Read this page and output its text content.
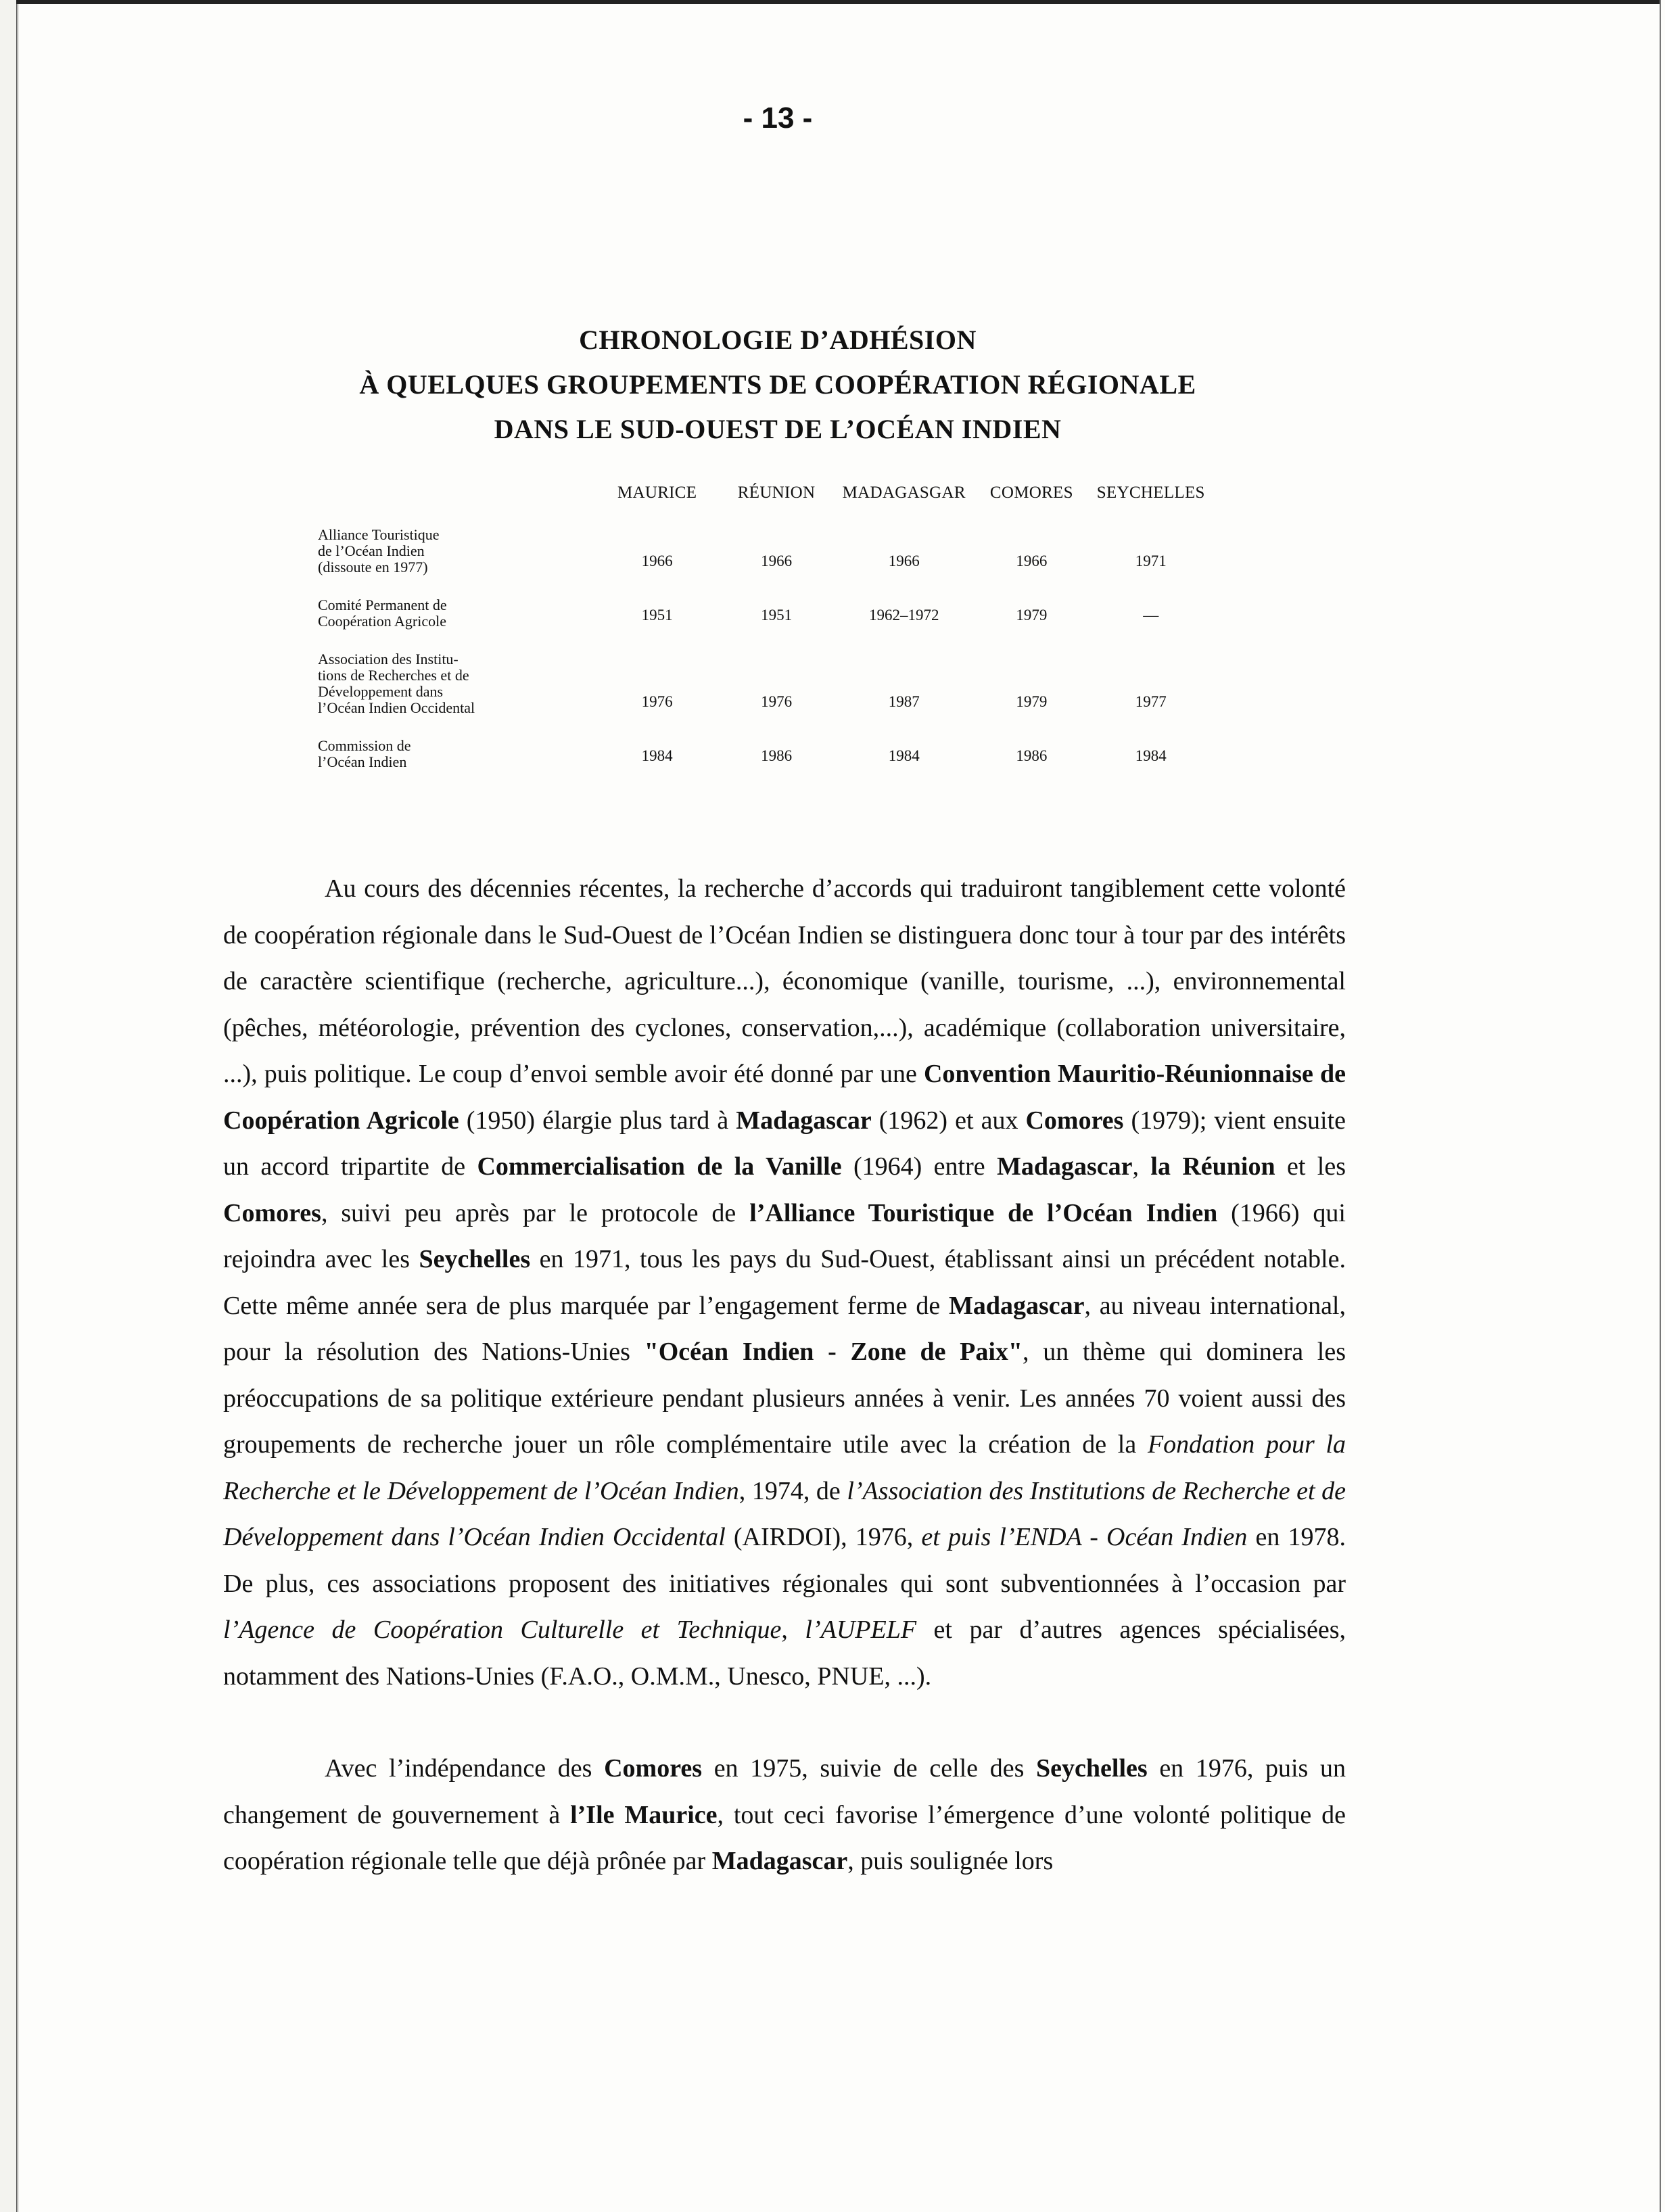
- 13 -
CHRONOLOGIE D’ADHÉSION
À QUELQUES GROUPEMENTS DE COOPÉRATION RÉGIONALE
DANS LE SUD-OUEST DE L’OCÉAN INDIEN
	MAURICE	RÉUNION	MADAGASGAR	COMORES	SEYCHELLES

Alliance Touristique
de l’Océan Indien
(dissoute en 1977)	1966	1966	1966	1966	1971

Comité Permanent de
Coopération Agricole	1951	1951	1962–1972	1979	—

Association des Institu-
tions de Recherches et de
Développement dans
l’Océan Indien Occidental	1976	1976	1987	1979	1977

Commission de
l’Océan Indien	1984	1986	1984	1986	1984

Au cours des décennies récentes, la recherche d’accords qui traduiront tangiblement cette volonté de coopération régionale dans le Sud-Ouest de l’Océan Indien se distinguera donc tour à tour par des intérêts de caractère scientifique (recherche, agriculture...), économique (vanille, tourisme, ...), environnemental (pêches, météorologie, prévention des cyclones, conservation,...), académique (collaboration universitaire, ...), puis politique. Le coup d’envoi semble avoir été donné par une Convention Mauritio-Réunionnaise de Coopération Agricole (1950) élargie plus tard à Madagascar (1962) et aux Comores (1979); vient ensuite un accord tripartite de Commercialisation de la Vanille (1964) entre Madagascar, la Réunion et les Comores, suivi peu après par le protocole de l’Alliance Touristique de l’Océan Indien (1966) qui rejoindra avec les Seychelles en 1971, tous les pays du Sud-Ouest, établissant ainsi un précédent notable. Cette même année sera de plus marquée par l’engagement ferme de Madagascar, au niveau international, pour la résolution des Nations-Unies "Océan Indien - Zone de Paix", un thème qui dominera les préoccupations de sa politique extérieure pendant plusieurs années à venir. Les années 70 voient aussi des groupements de recherche jouer un rôle complémentaire utile avec la création de la Fondation pour la Recherche et le Développement de l’Océan Indien, 1974, de l’Association des Institutions de Recherche et de Développement dans l’Océan Indien Occidental (AIRDOI), 1976, et puis l’ENDA - Océan Indien en 1978. De plus, ces associations proposent des initiatives régionales qui sont subventionnées à l’occasion par l’Agence de Coopération Culturelle et Technique, l’AUPELF et par d’autres agences spécialisées, notamment des Nations-Unies (F.A.O., O.M.M., Unesco, PNUE, ...).

Avec l’indépendance des Comores en 1975, suivie de celle des Seychelles en 1976, puis un changement de gouvernement à l’Ile Maurice, tout ceci favorise l’émergence d’une volonté politique de coopération régionale telle que déjà prônée par Madagascar, puis soulignée lors
